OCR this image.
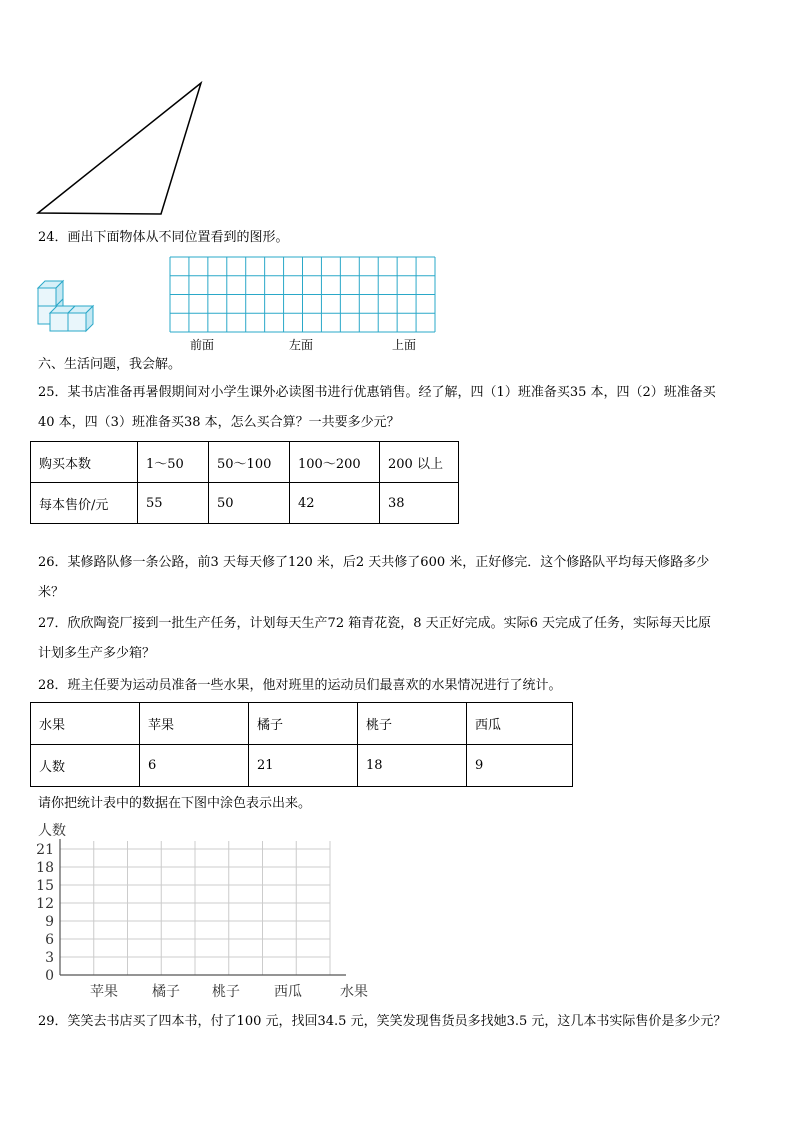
24．画出下面物体从不同位置看到的图形。
前面	左面	上面
六、生活问题，我会解。
25．某书店准备再暑假期间对小学生课外必读图书进行优惠销售。经了解，四（1）班准备买35 本，四（2）班准备买
40 本，四（3）班准备买38 本，怎么买合算？一共要多少元？
购买本数	1～50	50～100	100～200	200 以上
每本售价/元	55	50	42	38
26．某修路队修一条公路，前3 天每天修了120 米，后2 天共修了600 米，正好修完．这个修路队平均每天修路多少
米？
27．欣欣陶瓷厂接到一批生产任务，计划每天生产72 箱青花瓷，8 天正好完成。实际6 天完成了任务，实际每天比原
计划多生产多少箱？
28．班主任要为运动员准备一些水果，他对班里的运动员们最喜欢的水果情况进行了统计。
水果	苹果	橘子	桃子	西瓜
人数	6	21	18	9
请你把统计表中的数据在下图中涂色表示出来。
人数
0
3
6
9
12
15
18
21
苹果 橘子 桃子 西瓜	水果
29．笑笑去书店买了四本书，付了100 元，找回34.5 元，笑笑发现售货员多找她3.5 元，这几本书实际售价是多少元？
